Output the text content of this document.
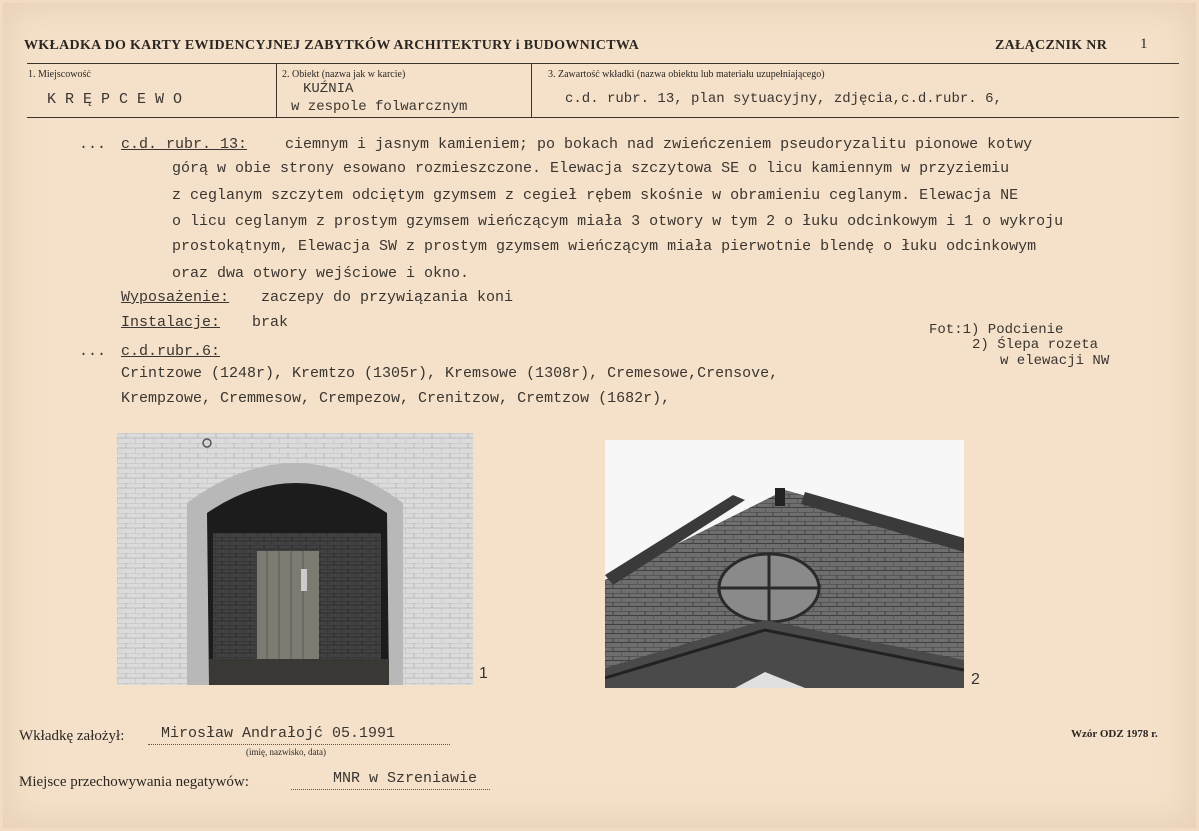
WKŁADKA DO KARTY EWIDENCYJNEJ ZABYTKÓW ARCHITEKTURY i BUDOWNICTWA	ZAŁĄCZNIK NR 1
1. Miejscowość
K R Ę P C E W O
2. Obiekt (nazwa jak w karcie)
KUŹNIA
w zespole folwarcznym
3. Zawartość wkładki (nazwa obiektu lub materiału uzupełniającego)
c.d. rubr. 13, plan sytuacyjny, zdjęcia,c.d.rubr. 6,
... c.d. rubr. 13:	ciemnym i jasnym kamieniem; po bokach nad zwieńczeniem pseudoryzalitu pionowe kotwy
górą w obie strony esowano rozmieszczone. Elewacja szczytowa SE o licu kamiennym w przyziemiu
z ceglanym szczytem odciętym gzymsem z cegieł rębem skośnie w obramieniu ceglanym. Elewacja NE
o licu ceglanym z prostym gzymsem wieńczącym miała 3 otwory w tym 2 o łuku odcinkowym i 1 o wykroju
prostokątnym, Elewacja SW z prostym gzymsem wieńczącym miała pierwotnie blendę o łuku odcinkowym
oraz dwa otwory wejściowe i okno.
Wyposażenie: zaczepy do przywiązania koni
Instalacje: brak	Fot:1) Podcienie
2) Ślepa rozeta
w elewacji NW
... c.d.rubr.6:
Crintzowe (1248r), Kremtzo (1305r), Kremsowe (1308r), Cremesowe,Crensove,
Krempzowe, Cremmesow, Crempezow, Crenitzow, Cremtzow (1682r),
1	2
Wkładkę założył: Mirosław Andrałojć 05.1991
(imię, nazwisko, data)
Wzór ODZ 1978 r.
Miejsce przechowywania negatywów:	MNR w Szreniawie
